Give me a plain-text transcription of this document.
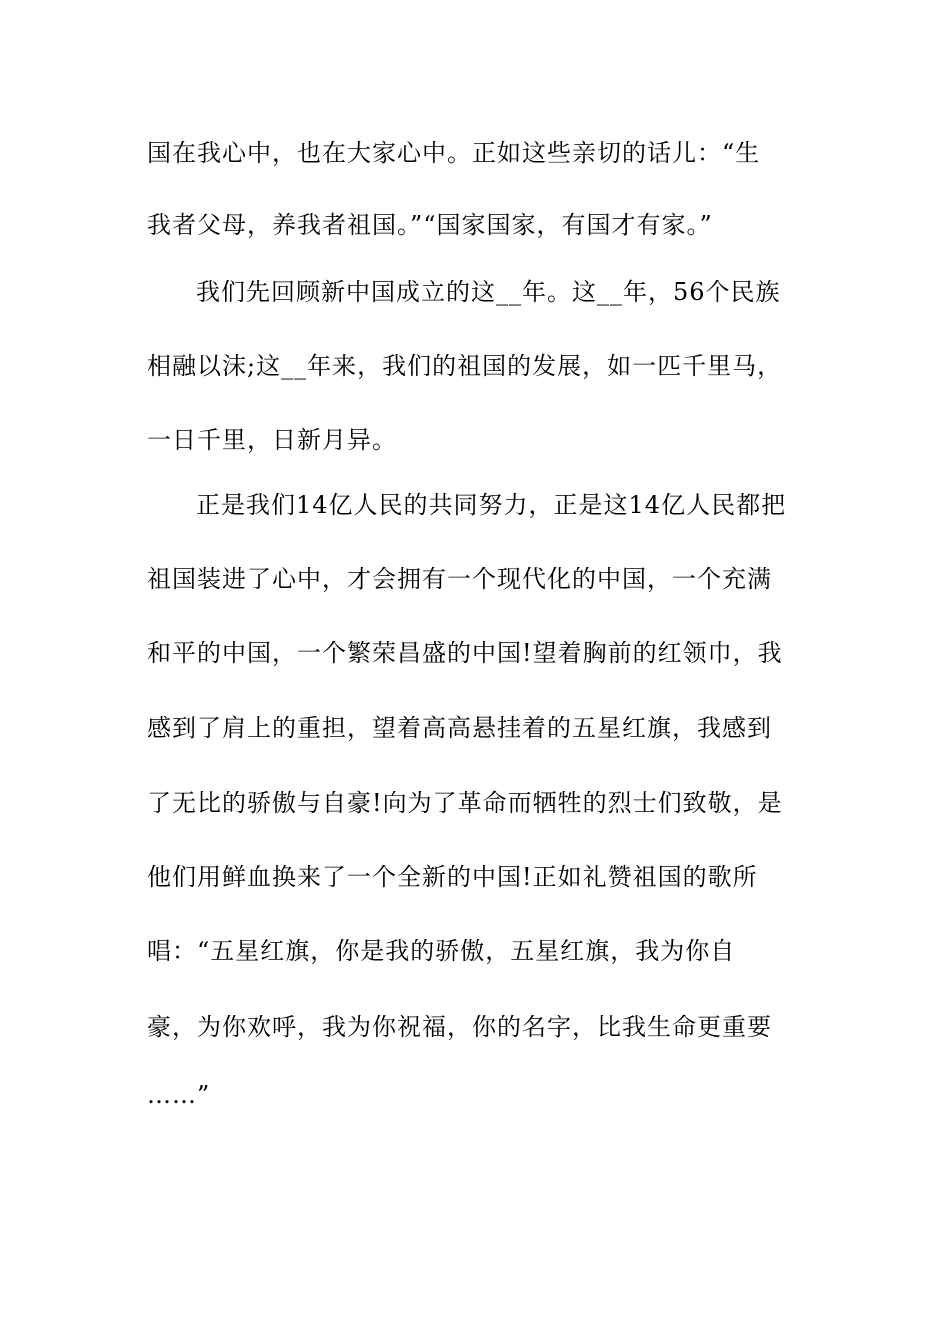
国在我心中，也在大家心中。正如这些亲切的话儿：“生
我者父母，养我者祖国。”“国家国家，有国才有家。”
我们先回顾新中国成立的这__年。这__年，56个民族
相融以沫;这__年来，我们的祖国的发展，如一匹千里马，
一日千里，日新月异。
正是我们14亿人民的共同努力，正是这14亿人民都把
祖国装进了心中，才会拥有一个现代化的中国，一个充满
和平的中国，一个繁荣昌盛的中国!望着胸前的红领巾，我
感到了肩上的重担，望着高高悬挂着的五星红旗，我感到
了无比的骄傲与自豪!向为了革命而牺牲的烈士们致敬，是
他们用鲜血换来了一个全新的中国!正如礼赞祖国的歌所
唱：“五星红旗，你是我的骄傲，五星红旗，我为你自
豪，为你欢呼，我为你祝福，你的名字，比我生命更重要
……”
